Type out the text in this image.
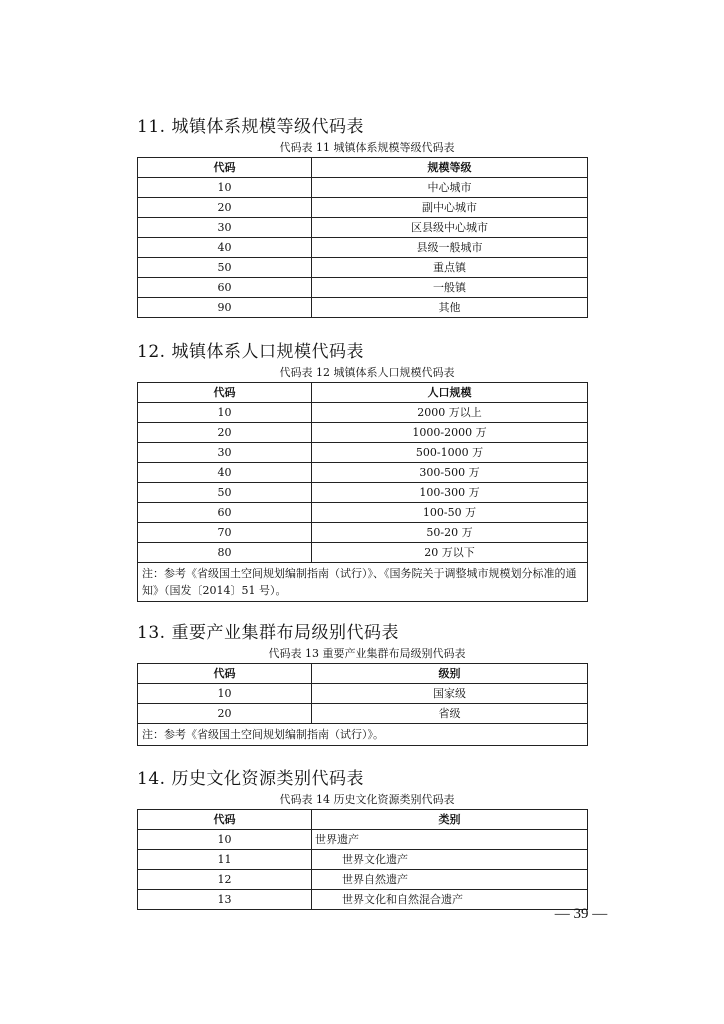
11. 城镇体系规模等级代码表
代码表 11 城镇体系规模等级代码表
代码	规模等级
10	中心城市
20	副中心城市
30	区县级中心城市
40	县级一般城市
50	重点镇
60	一般镇
90	其他
12. 城镇体系人口规模代码表
代码表 12 城镇体系人口规模代码表
代码	人口规模
10	2000 万以上
20	1000-2000 万
30	500-1000 万
40	300-500 万
50	100-300 万
60	100-50 万
70	50-20 万
80	20 万以下
注：参考《省级国土空间规划编制指南（试行）》、《国务院关于调整城市规模划分标准的通知》（国发〔2014〕51 号）。	
13. 重要产业集群布局级别代码表
代码表 13 重要产业集群布局级别代码表
代码	级别
10	国家级
20	省级
注：参考《省级国土空间规划编制指南（试行）》。	
14. 历史文化资源类别代码表
代码表 14 历史文化资源类别代码表
代码	类别
10	世界遗产
11	世界文化遗产
12	世界自然遗产
13	世界文化和自然混合遗产
— 39 —
